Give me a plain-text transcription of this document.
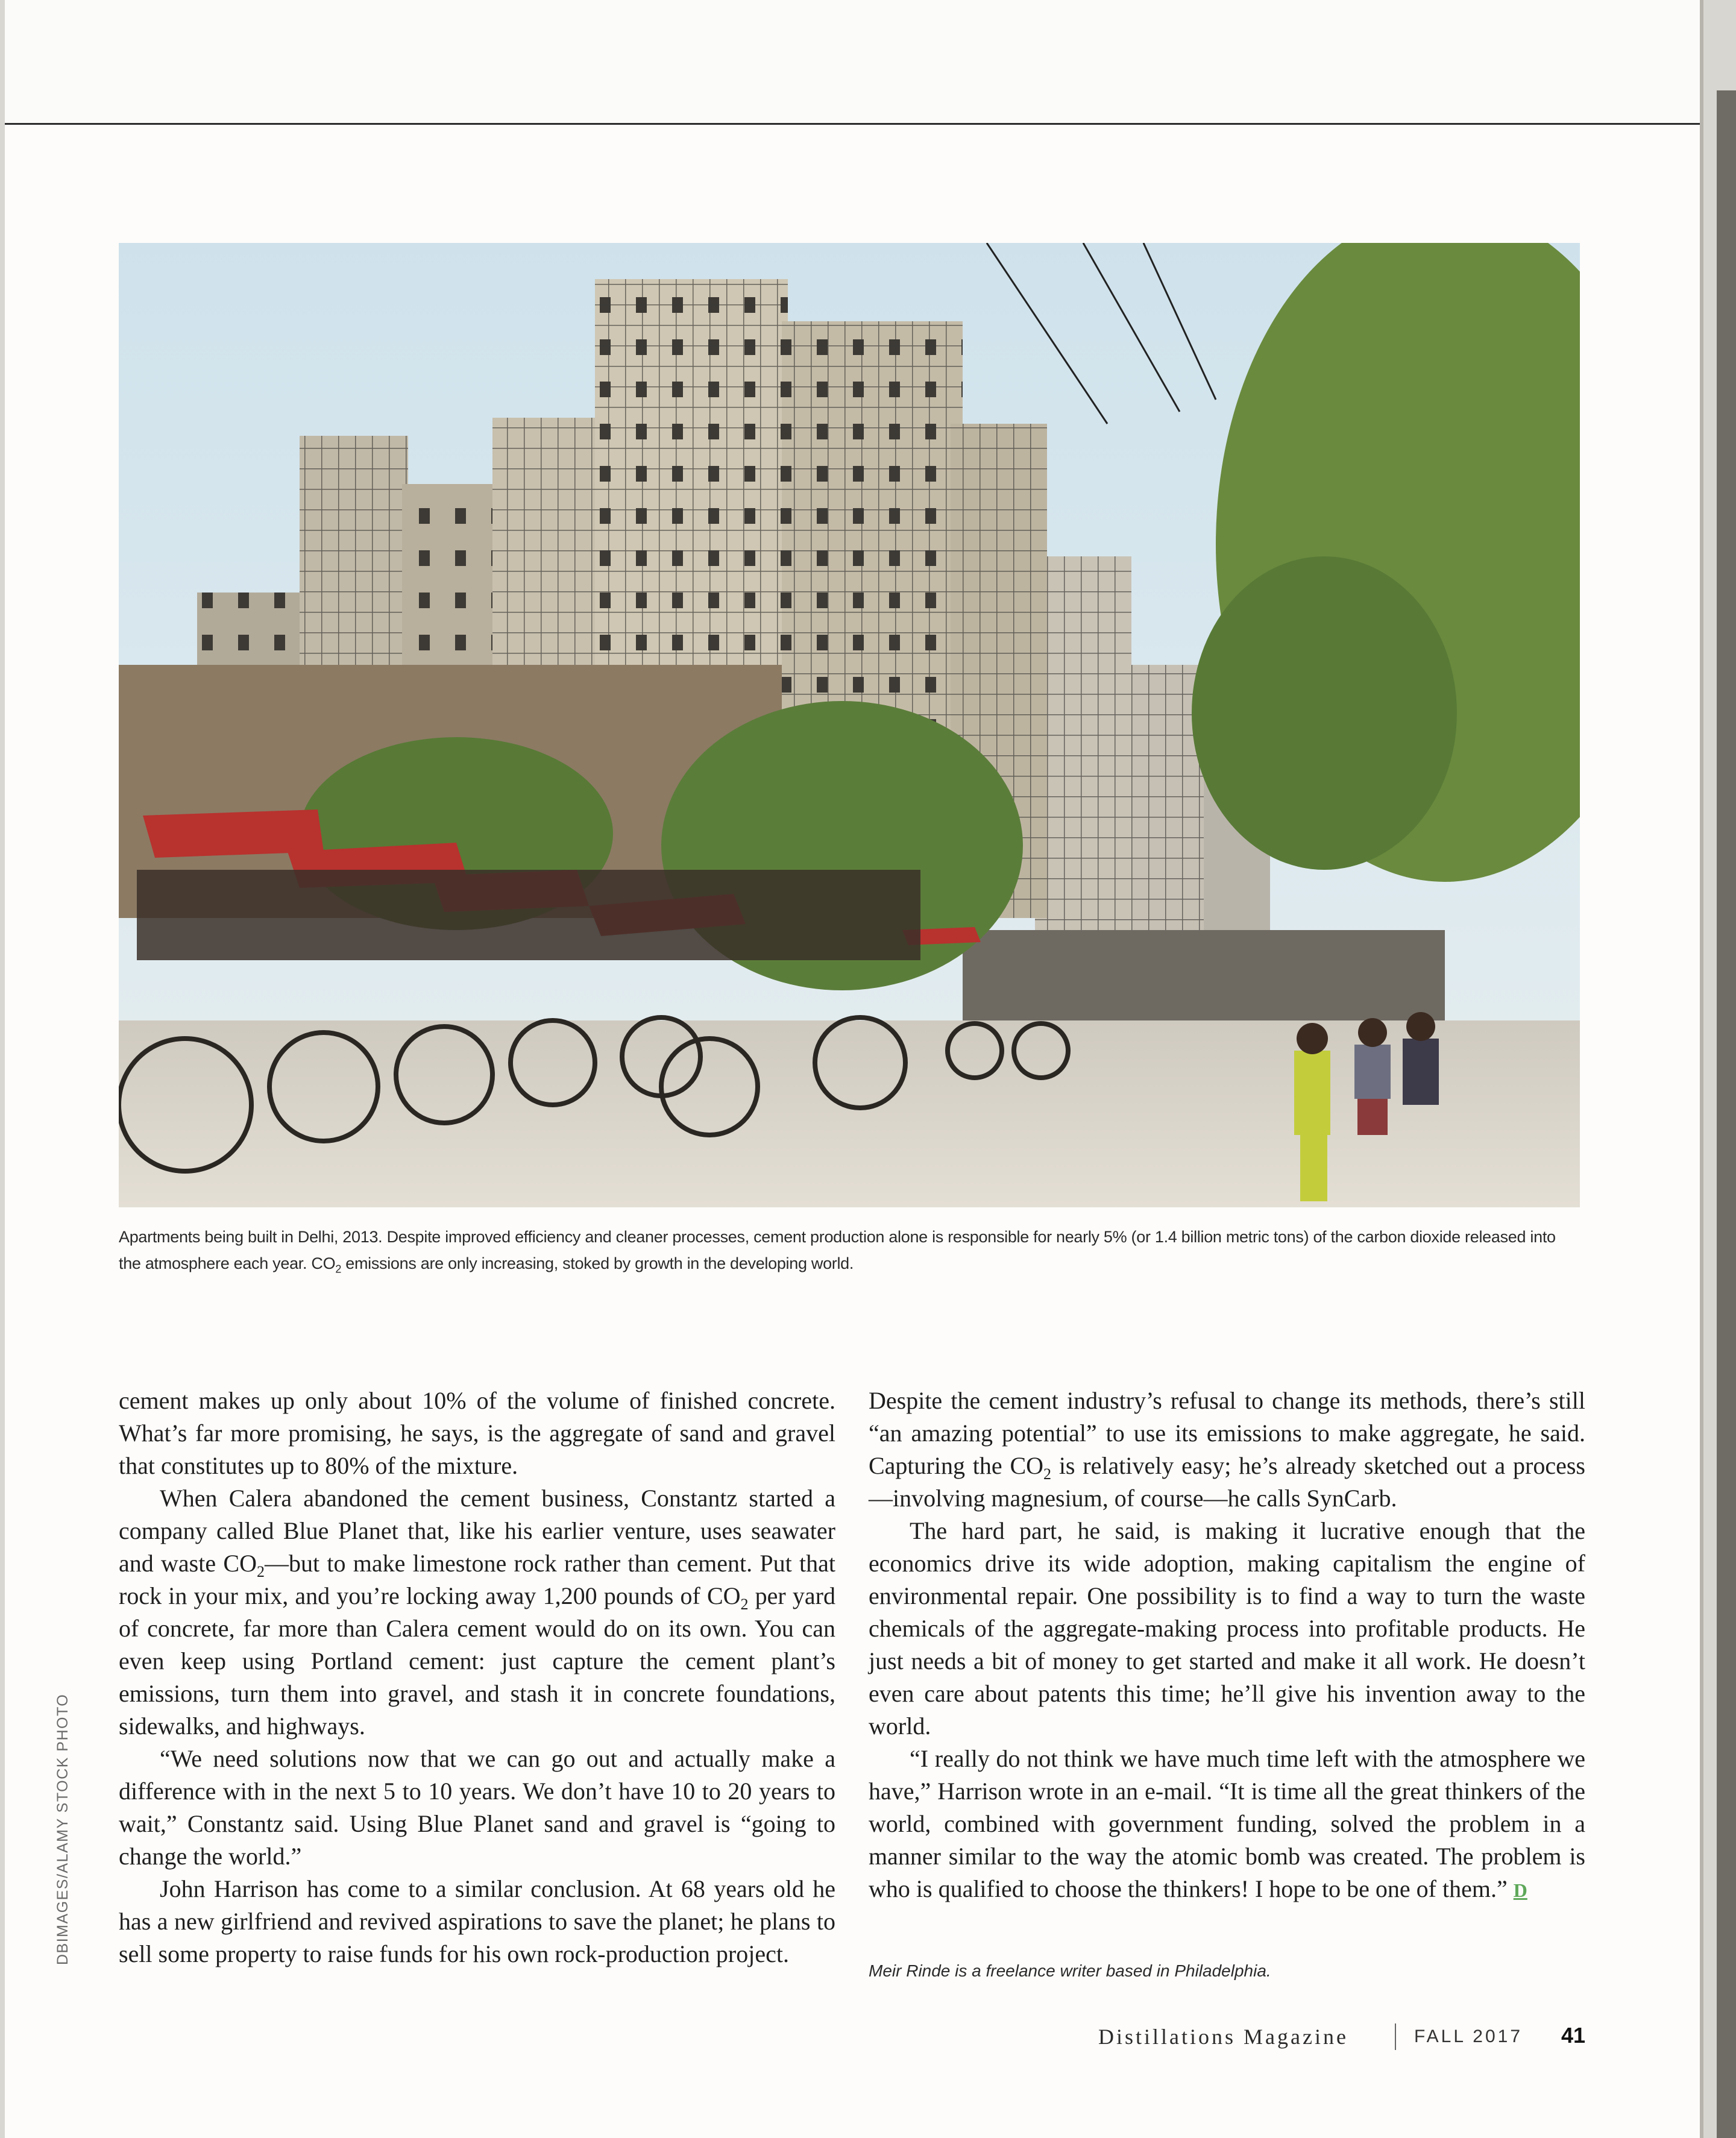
Apartments being built in Delhi, 2013. Despite improved efficiency and cleaner processes, cement production alone is responsible for nearly 5% (or 1.4 billion metric tons) of the carbon dioxide released into the atmosphere each year. $CO_2$ emissions are only increasing, stoked by growth in the developing world.
DBIMAGES/ALAMY STOCK PHOTO

cement makes up only about 10% of the volume of finished concrete. What’s far more promising, he says, is the aggregate of sand and gravel that constitutes up to 80% of the mixture.

When Calera abandoned the cement business, Constantz started a company called Blue Planet that, like his earlier venture, uses seawater and waste $CO_2—but$ to make limestone rock rather than cement. Put that rock in your mix, and you’re locking away 1,200 pounds of $CO_2$ per yard of concrete, far more than Calera cement would do on its own. You can even keep using Portland cement: just capture the cement plant’s emissions, turn them into gravel, and stash it in concrete foundations, sidewalks, and highways.

“We need solutions now that we can go out and actually make a difference with in the next 5 to 10 years. We don’t have 10 to 20 years to wait,” Constantz said. Using Blue Planet sand and gravel is “going to change the world.”

John Harrison has come to a similar conclusion. At 68 years old he has a new girlfriend and revived aspirations to save the planet; he plans to sell some property to raise funds for his own rock-production project.

Despite the cement industry’s refusal to change its methods, there’s still “an amazing potential” to use its emissions to make aggregate, he said. Capturing the $CO_2$ is relatively easy; he’s already sketched out a process—involving magnesium, of course—he calls SynCarb.

The hard part, he said, is making it lucrative enough that the economics drive its wide adoption, making capitalism the engine of environmental repair. One possibility is to find a way to turn the waste chemicals of the aggregate-making process into profitable products. He just needs a bit of money to get started and make it all work. He doesn’t even care about patents this time; he’ll give his invention away to the world.

“I really do not think we have much time left with the atmosphere we have,” Harrison wrote in an e-mail. “It is time all the great thinkers of the world, combined with government funding, solved the problem in a manner similar to the way the atomic bomb was created. The problem is who is qualified to choose the thinkers! I hope to be one of them.” D

Meir Rinde is a freelance writer based in Philadelphia.
Distillations Magazine	FALL 2017 41
